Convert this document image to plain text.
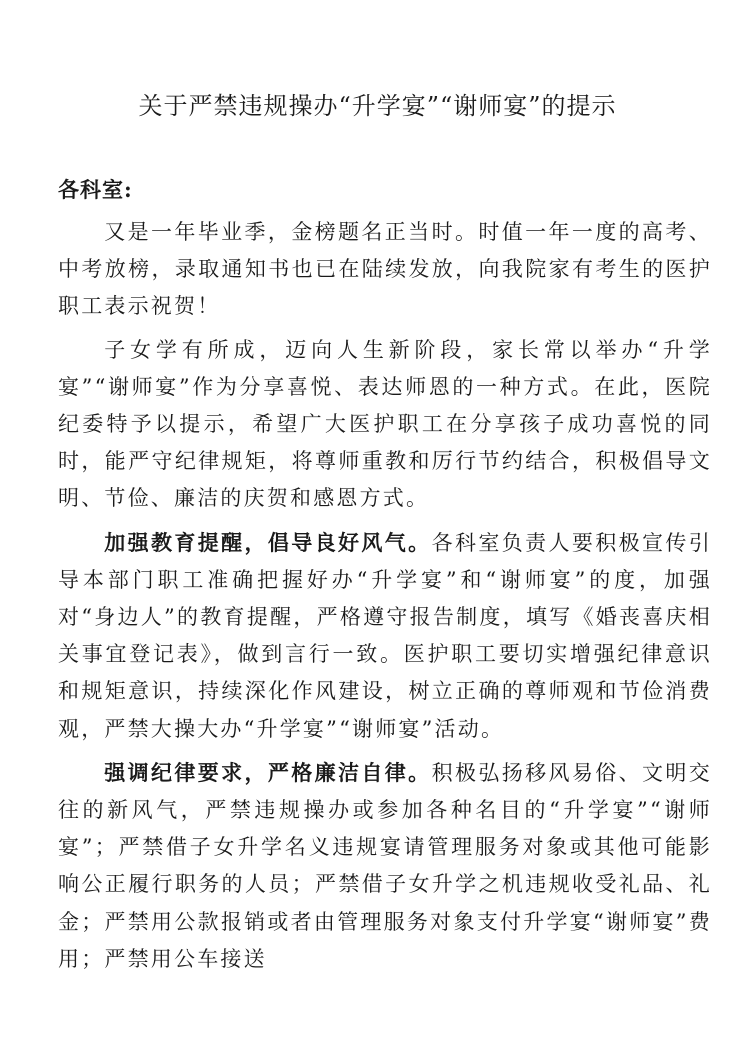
关于严禁违规操办“升学宴”“谢师宴”的提示
各科室:

又是一年毕业季，金榜题名正当时。时值一年一度的高考、中考放榜，录取通知书也已在陆续发放，向我院家有考生的医护职工表示祝贺！

子女学有所成，迈向人生新阶段，家长常以举办“升学宴”“谢师宴”作为分享喜悦、表达师恩的一种方式。在此，医院纪委特予以提示，希望广大医护职工在分享孩子成功喜悦的同时，能严守纪律规矩，将尊师重教和厉行节约结合，积极倡导文明、节俭、廉洁的庆贺和感恩方式。

加强教育提醒，倡导良好风气。各科室负责人要积极宣传引导本部门职工准确把握好办“升学宴”和“谢师宴”的度，加强对“身边人”的教育提醒，严格遵守报告制度，填写《婚丧喜庆相关事宜登记表》，做到言行一致。医护职工要切实增强纪律意识和规矩意识，持续深化作风建设，树立正确的尊师观和节俭消费观，严禁大操大办“升学宴”“谢师宴”活动。

强调纪律要求，严格廉洁自律。积极弘扬移风易俗、文明交往的新风气，严禁违规操办或参加各种名目的“升学宴”“谢师宴”；严禁借子女升学名义违规宴请管理服务对象或其他可能影响公正履行职务的人员；严禁借子女升学之机违规收受礼品、礼金；严禁用公款报销或者由管理服务对象支付升学宴“谢师宴”费用；严禁用公车接送
